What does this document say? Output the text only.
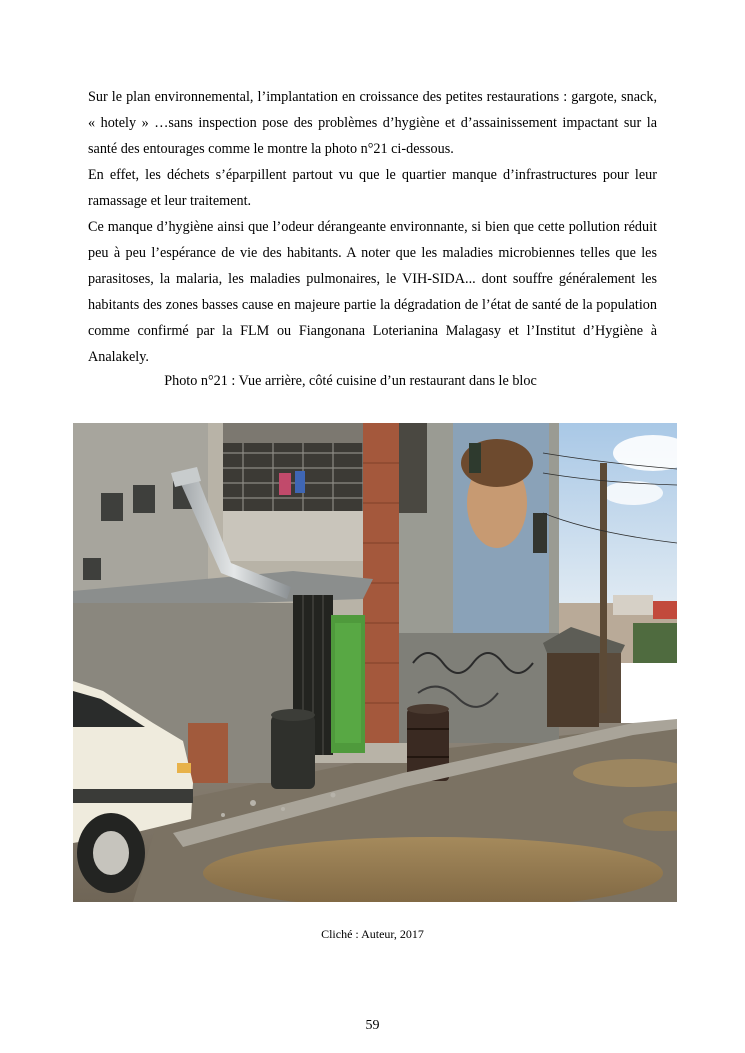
Sur le plan environnemental, l’implantation en croissance des petites restaurations : gargote, snack, « hotely » …sans inspection pose des problèmes d’hygiène et d’assainissement impactant sur la santé des entourages comme le montre la photo n°21 ci-dessous.

En effet, les déchets s’éparpillent partout vu que le quartier manque d’infrastructures pour leur ramassage et leur traitement.

Ce manque d’hygiène ainsi que l’odeur dérangeante environnante, si bien que cette pollution réduit peu à peu l’espérance de vie des habitants. A noter que les maladies microbiennes telles que les parasitoses, la malaria, les maladies pulmonaires, le VIH-SIDA... dont souffre généralement les habitants des zones basses cause en majeure partie la dégradation de l’état de santé de la population comme confirmé par la FLM ou Fiangonana Loterianina Malagasy et l’Institut d’Hygiène à Analakely.

Photo n°21 : Vue arrière, côté cuisine d’un restaurant dans le bloc
Cliché : Auteur, 2017
59
